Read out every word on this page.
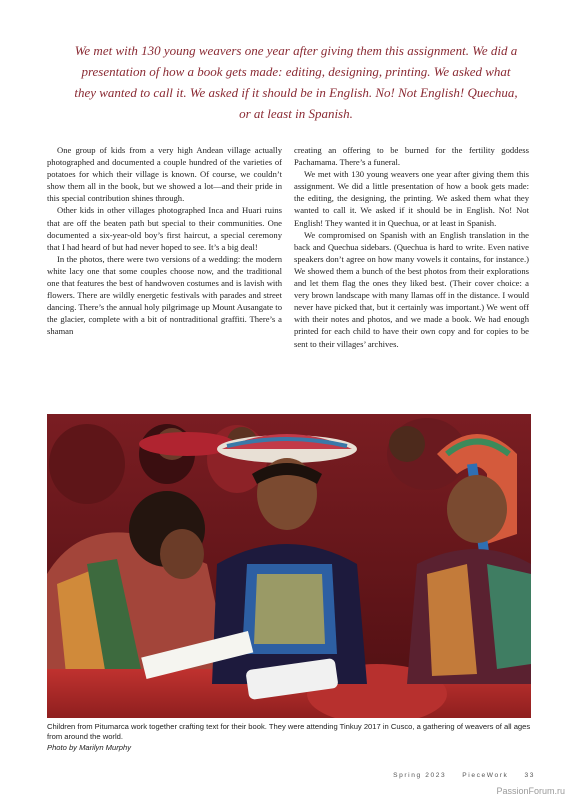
We met with 130 young weavers one year after giving them this assignment. We did a presentation of how a book gets made: editing, designing, printing. We asked what they wanted to call it. We asked if it should be in English. No! Not English! Quechua, or at least in Spanish.

One group of kids from a very high Andean village actually photographed and documented a couple hundred of the varieties of potatoes for which their village is known. Of course, we couldn’t show them all in the book, but we showed a lot—and their pride in this special contribution shines through.

Other kids in other villages photographed Inca and Huari ruins that are off the beaten path but special to their communities. One documented a six-year-old boy’s first haircut, a special ceremony that I had heard of but had never hoped to see. It’s a big deal!

In the photos, there were two versions of a wedding: the modern white lacy one that some couples choose now, and the traditional one that features the best of handwoven costumes and is lavish with flowers. There are wildly energetic festivals with parades and street dancing. There’s the annual holy pilgrimage up Mount Ausangate to the glacier, complete with a bit of nontraditional graffiti. There’s a shaman

creating an offering to be burned for the fertility goddess Pachamama. There’s a funeral.

We met with 130 young weavers one year after giving them this assignment. We did a little presentation of how a book gets made: the editing, the designing, the printing. We asked them what they wanted to call it. We asked if it should be in English. No! Not English! They wanted it in Quechua, or at least in Spanish.

We compromised on Spanish with an English translation in the back and Quechua sidebars. (Quechua is hard to write. Even native speakers don’t agree on how many vowels it contains, for instance.) We showed them a bunch of the best photos from their explorations and let them flag the ones they liked best. (Their cover choice: a very brown landscape with many llamas off in the distance. I would never have picked that, but it certainly was important.) We went off with their notes and photos, and we made a book. We had enough printed for each child to have their own copy and for copies to be sent to their villages’ archives.

Children from Pitumarca work together crafting text for their book. They were attending Tinkuy 2017 in Cusco, a gathering of weavers of all ages from around the world.
Photo by Marilyn Murphy
Spring 2023 PieceWork 33
PassionForum.ru
